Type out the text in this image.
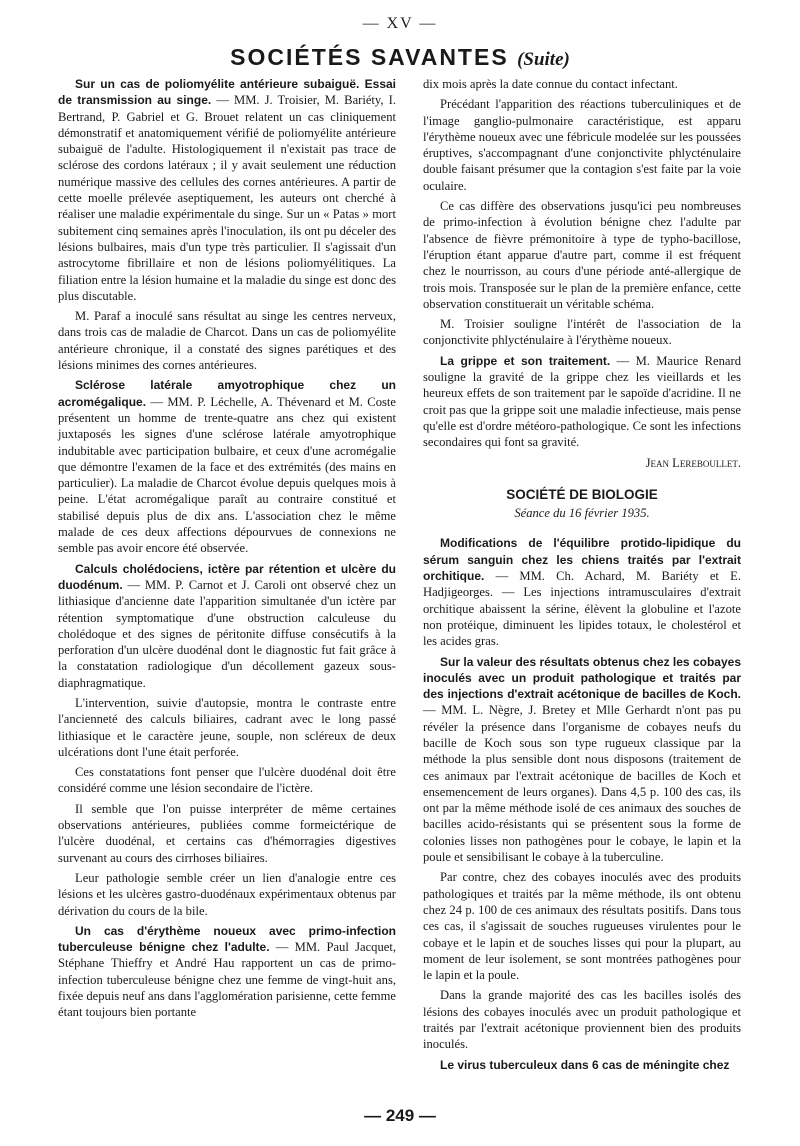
— XV —
SOCIÉTÉS SAVANTES (Suite)

Sur un cas de poliomyélite antérieure subaiguë. Essai de transmission au singe. — MM. J. Troisier, M. Bariéty, I. Bertrand, P. Gabriel et G. Brouet relatent un cas cliniquement démonstratif et anatomiquement vérifié de poliomyélite antérieure subaiguë de l'adulte. Histologiquement il n'existait pas trace de sclérose des cordons latéraux ; il y avait seulement une réduction numérique massive des cellules des cornes antérieures. A partir de cette moelle prélevée aseptiquement, les auteurs ont cherché à réaliser une maladie expérimentale du singe. Sur un « Patas » mort subitement cinq semaines après l'inoculation, ils ont pu déceler des lésions bulbaires, mais d'un type très particulier. Il s'agissait d'un astrocytome fibrillaire et non de lésions poliomyélitiques. La filiation entre la lésion humaine et la maladie du singe est donc des plus discutable.

M. Paraf a inoculé sans résultat au singe les centres nerveux, dans trois cas de maladie de Charcot. Dans un cas de poliomyélite antérieure chronique, il a constaté des signes parétiques et des lésions minimes des cornes antérieures.

Sclérose latérale amyotrophique chez un acromégalique. — MM. P. Léchelle, A. Thévenard et M. Coste présentent un homme de trente-quatre ans chez qui existent juxtaposés les signes d'une sclérose latérale amyotrophique indubitable avec participation bulbaire, et ceux d'une acromégalie que démontre l'examen de la face et des extrémités (des mains en particulier). La maladie de Charcot évolue depuis quelques mois à peine. L'état acromégalique paraît au contraire constitué et stabilisé depuis plus de dix ans. L'association chez le même malade de ces deux affections dépourvues de connexions ne semble pas avoir encore été observée.

Calculs cholédociens, ictère par rétention et ulcère du duodénum. — MM. P. Carnot et J. Caroli ont observé chez un lithiasique d'ancienne date l'apparition simultanée d'un ictère par rétention symptomatique d'une obstruction calculeuse du cholédoque et des signes de péritonite diffuse consécutifs à la perforation d'un ulcère duodénal dont le diagnostic fut fait grâce à la constatation radiologique d'un décollement gazeux sous-diaphragmatique.

L'intervention, suivie d'autopsie, montra le contraste entre l'ancienneté des calculs biliaires, cadrant avec le long passé lithiasique et le caractère jeune, souple, non scléreux de deux ulcérations dont l'une était perforée.

Ces constatations font penser que l'ulcère duodénal doit être considéré comme une lésion secondaire de l'ictère.

Il semble que l'on puisse interpréter de même certaines observations antérieures, publiées comme formeictérique de l'ulcère duodénal, et certains cas d'hémorragies digestives survenant au cours des cirrhoses biliaires.

Leur pathologie semble créer un lien d'analogie entre ces lésions et les ulcères gastro-duodénaux expérimentaux obtenus par dérivation du cours de la bile.

Un cas d'érythème noueux avec primo-infection tuberculeuse bénigne chez l'adulte. — MM. Paul Jacquet, Stéphane Thieffry et André Hau rapportent un cas de primo-infection tuberculeuse bénigne chez une femme de vingt-huit ans, fixée depuis neuf ans dans l'agglomération parisienne, cette femme étant toujours bien portante

dix mois après la date connue du contact infectant.

Précédant l'apparition des réactions tuberculiniques et de l'image ganglio-pulmonaire caractéristique, est apparu l'érythème noueux avec une fébricule modelée sur les poussées éruptives, s'accompagnant d'une conjonctivite phlycténulaire double faisant présumer que la contagion s'est faite par la voie oculaire.

Ce cas diffère des observations jusqu'ici peu nombreuses de primo-infection à évolution bénigne chez l'adulte par l'absence de fièvre prémonitoire à type de typho-bacillose, l'éruption étant apparue d'autre part, comme il est fréquent chez le nourrisson, au cours d'une période anté-allergique de trois mois. Transposée sur le plan de la première enfance, cette observation constituerait un véritable schéma.

M. Troisier souligne l'intérêt de l'association de la conjonctivite phlycténulaire à l'érythème noueux.

La grippe et son traitement. — M. Maurice Renard souligne la gravité de la grippe chez les vieillards et les heureux effets de son traitement par le sapoïde d'acridine. Il ne croit pas que la grippe soit une maladie infectieuse, mais pense qu'elle est d'ordre météoro-pathologique. Ce sont les infections secondaires qui font sa gravité.

Jean Lereboullet.

SOCIÉTÉ DE BIOLOGIE
Séance du 16 février 1935.

Modifications de l'équilibre protido-lipidique du sérum sanguin chez les chiens traités par l'extrait orchitique. — MM. Ch. Achard, M. Bariéty et E. Hadjigeorges. — Les injections intramusculaires d'extrait orchitique abaissent la sérine, élèvent la globuline et l'azote non protéique, diminuent les lipides totaux, le cholestérol et les acides gras.

Sur la valeur des résultats obtenus chez les cobayes inoculés avec un produit pathologique et traités par des injections d'extrait acétonique de bacilles de Koch. — MM. L. Nègre, J. Bretey et Mlle Gerhardt n'ont pas pu révéler la présence dans l'organisme de cobayes neufs du bacille de Koch sous son type rugueux classique par la méthode la plus sensible dont nous disposons (traitement de ces animaux par l'extrait acétonique de bacilles de Koch et ensemencement de leurs organes). Dans 4,5 p. 100 des cas, ils ont par la même méthode isolé de ces animaux des souches de bacilles acido-résistants qui se présentent sous la forme de colonies lisses non pathogènes pour le cobaye, le lapin et la poule et sensibilisant le cobaye à la tuberculine.

Par contre, chez des cobayes inoculés avec des produits pathologiques et traités par la même méthode, ils ont obtenu chez 24 p. 100 de ces animaux des résultats positifs. Dans tous ces cas, il s'agissait de souches rugueuses virulentes pour le cobaye et le lapin et de souches lisses qui pour la plupart, au moment de leur isolement, se sont montrées pathogènes pour le lapin et la poule.

Dans la grande majorité des cas les bacilles isolés des lésions des cobayes inoculés avec un produit pathologique et traités par l'extrait acétonique proviennent bien des produits inoculés.

Le virus tuberculeux dans 6 cas de méningite chez

— 249 —
